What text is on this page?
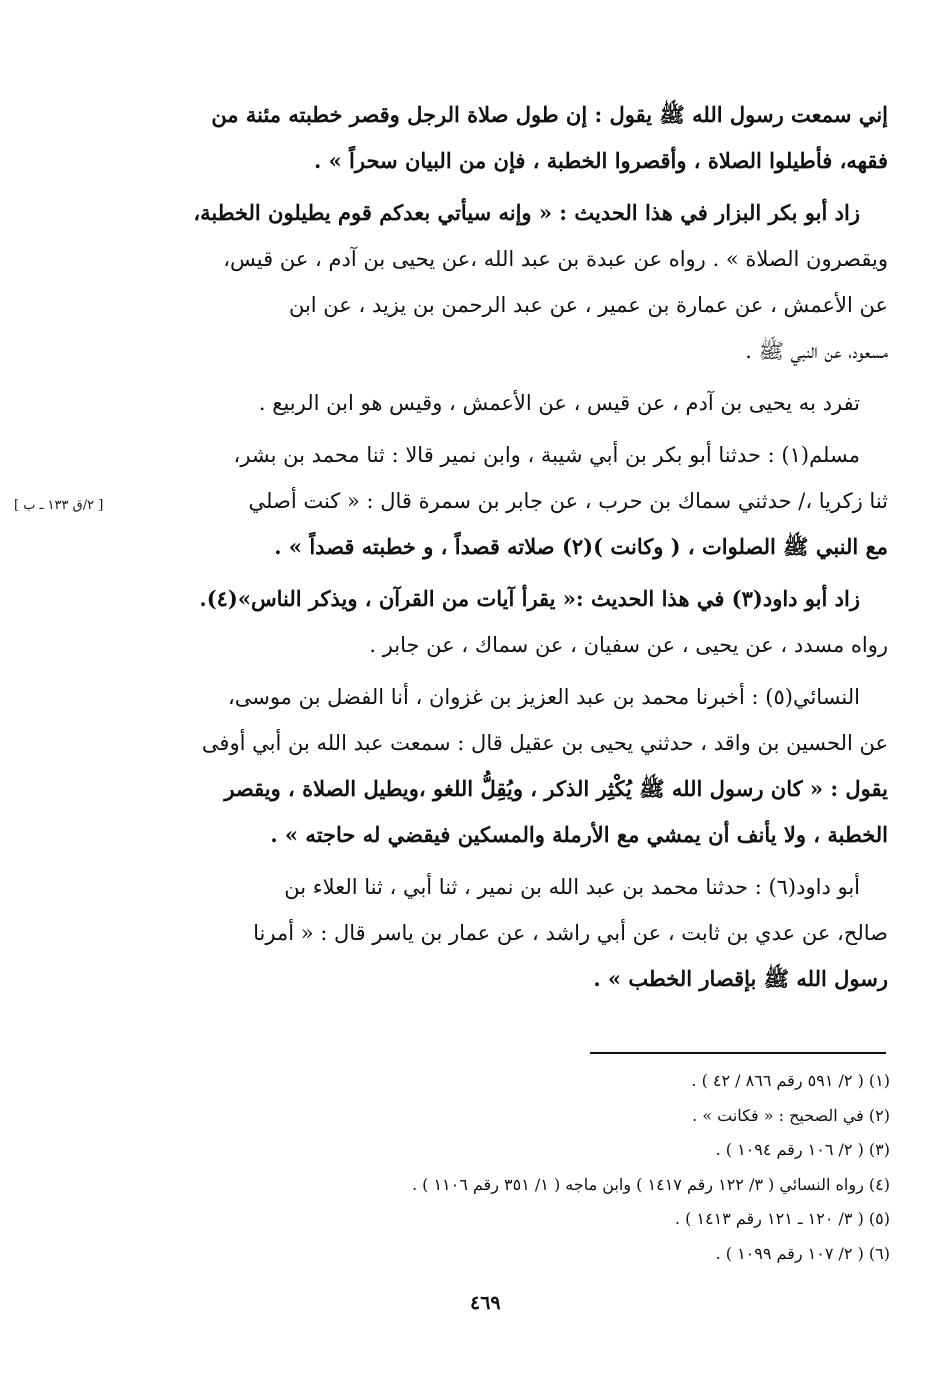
إني سمعت رسول الله ﷺ يقول : إن طول صلاة الرجل وقصر خطبته مئنة من
فقهه، فأطيلوا الصلاة ، وأقصروا الخطبة ، فإن من البيان سحراً » .

زاد أبو بكر البزار في هذا الحديث : « وإنه سيأتي بعدكم قوم يطيلون الخطبة،
ويقصرون الصلاة » . رواه عن عبدة بن عبد الله ،عن يحيى بن آدم ، عن قيس،
عن الأعمش ، عن عمارة بن عمير ، عن عبد الرحمن بن يزيد ، عن ابن
مسعود، عن النبي ﷺ .

تفرد به يحيى بن آدم ، عن قيس ، عن الأعمش ، وقيس هو ابن الربيع .

مسلم(١) : حدثنا أبو بكر بن أبي شيبة ، وابن نمير قالا : ثنا محمد بن بشر،
ثنا زكريا ،/ حدثني سماك بن حرب ، عن جابر بن سمرة قال : « كنت أصلي
مع النبي ﷺ الصلوات ، ( وكانت )(٢) صلاته قصداً ، و خطبته قصداً » .

زاد أبو داود(٣) في هذا الحديث :« يقرأ آيات من القرآن ، ويذكر الناس»(٤).
رواه مسدد ، عن يحيى ، عن سفيان ، عن سماك ، عن جابر .

النسائي(٥) : أخبرنا محمد بن عبد العزيز بن غزوان ، أنا الفضل بن موسى،
عن الحسين بن واقد ، حدثني يحيى بن عقيل قال : سمعت عبد الله بن أبي أوفى
يقول : « كان رسول الله ﷺ يُكْثِر الذكر ، ويُقِلُّ اللغو ،ويطيل الصلاة ، ويقصر
الخطبة ، ولا يأنف أن يمشي مع الأرملة والمسكين فيقضي له حاجته » .

أبو داود(٦) : حدثنا محمد بن عبد الله بن نمير ، ثنا أبي ، ثنا العلاء بن
صالح، عن عدي بن ثابت ، عن أبي راشد ، عن عمار بن ياسر قال : « أمرنا
رسول الله ﷺ بإقصار الخطب » .

[ ٢/ق ١٣٣ ـ ب ]

(١) ( ٢/ ٥٩١ رقم ٨٦٦ / ٤٢ ) .

(٢) في الصحيح : « فكانت » .

(٣) ( ٢/ ١٠٦ رقم ١٠٩٤ ) .

(٤) رواه النسائي ( ٣/ ١٢٢ رقم ١٤١٧ ) وابن ماجه ( ١/ ٣٥١ رقم ١١٠٦ ) .

(٥) ( ٣/ ١٢٠ ـ ١٢١ رقم ١٤١٣ ) .

(٦) ( ٢/ ١٠٧ رقم ١٠٩٩ ) .

٤٦٩
